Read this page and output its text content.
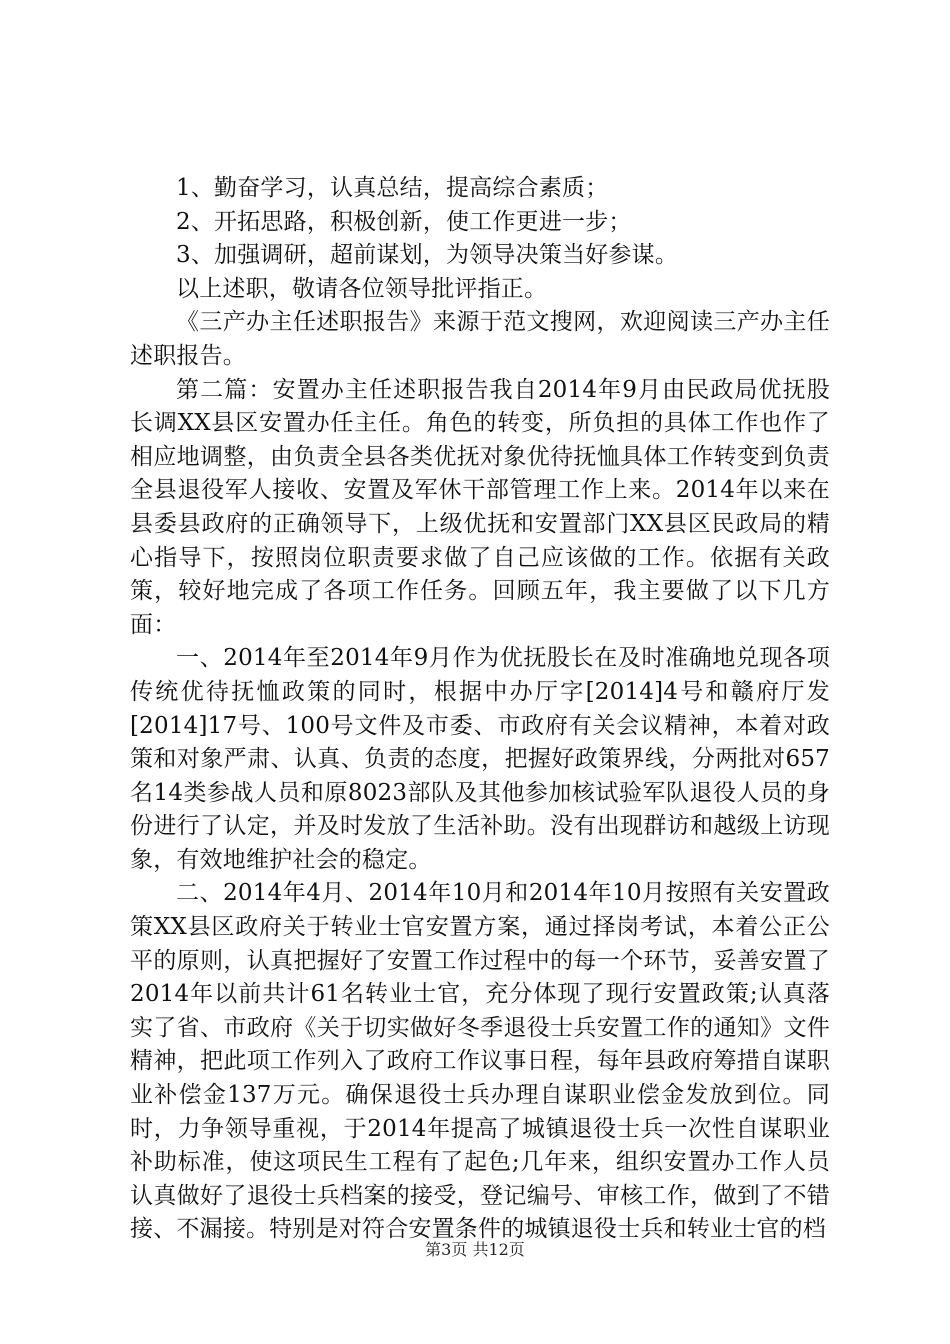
1、勤奋学习，认真总结，提高综合素质；

2、开拓思路，积极创新，使工作更进一步；

3、加强调研，超前谋划，为领导决策当好参谋。

以上述职，敬请各位领导批评指正。

《三产办主任述职报告》来源于范文搜网，欢迎阅读三产办主任述职报告。

第二篇：安置办主任述职报告我自2014年9月由民政局优抚股长调XX县区安置办任主任。角色的转变，所负担的具体工作也作了相应地调整，由负责全县各类优抚对象优待抚恤具体工作转变到负责全县退役军人接收、安置及军休干部管理工作上来。2014年以来在县委县政府的正确领导下，上级优抚和安置部门XX县区民政局的精心指导下，按照岗位职责要求做了自己应该做的工作。依据有关政策，较好地完成了各项工作任务。回顾五年，我主要做了以下几方面：

一、2014年至2014年9月作为优抚股长在及时准确地兑现各项传统优待抚恤政策的同时，根据中办厅字[2014]4号和赣府厅发[2014]17号、100号文件及市委、市政府有关会议精神，本着对政策和对象严肃、认真、负责的态度，把握好政策界线，分两批对657名14类参战人员和原8023部队及其他参加核试验军队退役人员的身份进行了认定，并及时发放了生活补助。没有出现群访和越级上访现象，有效地维护社会的稳定。

二、2014年4月、2014年10月和2014年10月按照有关安置政策XX县区政府关于转业士官安置方案，通过择岗考试，本着公正公平的原则，认真把握好了安置工作过程中的每一个环节，妥善安置了2014年以前共计61名转业士官，充分体现了现行安置政策;认真落实了省、市政府《关于切实做好冬季退役士兵安置工作的通知》文件精神，把此项工作列入了政府工作议事日程，每年县政府筹措自谋职业补偿金137万元。确保退役士兵办理自谋职业偿金发放到位。同时，力争领导重视，于2014年提高了城镇退役士兵一次性自谋职业补助标准，使这项民生工程有了起色;几年来，组织安置办工作人员认真做好了退役士兵档案的接受，登记编号、审核工作，做到了不错接、不漏接。特别是对符合安置条件的城镇退役士兵和转业士官的档

第3页 共12页
